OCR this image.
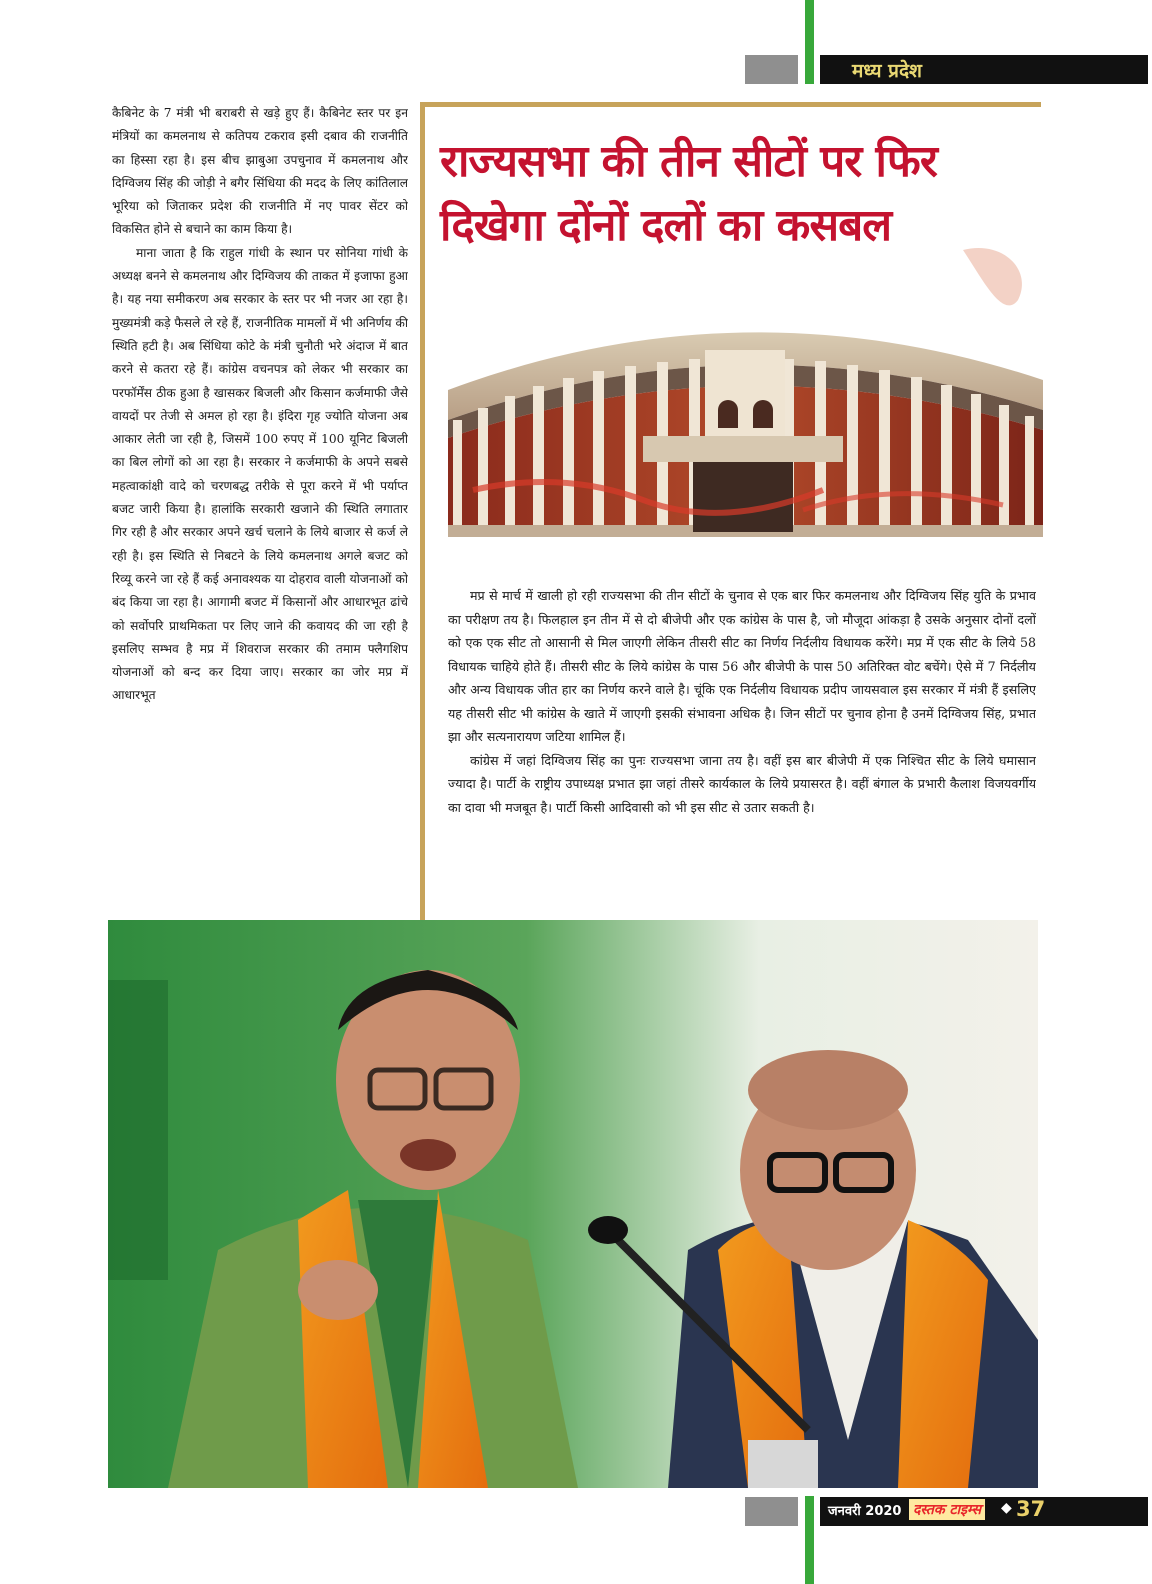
मध्य प्रदेश

कैबिनेट के 7 मंत्री भी बराबरी से खड़े हुए हैं। कैबिनेट स्तर पर इन मंत्रियों का कमलनाथ से कतिपय टकराव इसी दबाव की राजनीति का हिस्सा रहा है। इस बीच झाबुआ उपचुनाव में कमलनाथ और दिग्विजय सिंह की जोड़ी ने बगैर सिंधिया की मदद के लिए कांतिलाल भूरिया को जिताकर प्रदेश की राजनीति में नए पावर सेंटर को विकसित होने से बचाने का काम किया है।

माना जाता है कि राहुल गांधी के स्थान पर सोनिया गांधी के अध्यक्ष बनने से कमलनाथ और दिग्विजय की ताकत में इजाफा हुआ है। यह नया समीकरण अब सरकार के स्तर पर भी नजर आ रहा है। मुख्यमंत्री कड़े फैसले ले रहे हैं, राजनीतिक मामलों में भी अनिर्णय की स्थिति हटी है। अब सिंधिया कोटे के मंत्री चुनौती भरे अंदाज में बात करने से कतरा रहे हैं। कांग्रेस वचनपत्र को लेकर भी सरकार का परफॉर्मेंस ठीक हुआ है खासकर बिजली और किसान कर्जमाफी जैसे वायदों पर तेजी से अमल हो रहा है। इंदिरा गृह ज्योति योजना अब आकार लेती जा रही है, जिसमें 100 रुपए में 100 यूनिट बिजली का बिल लोगों को आ रहा है। सरकार ने कर्जमाफी के अपने सबसे महत्वाकांक्षी वादे को चरणबद्ध तरीके से पूरा करने में भी पर्याप्त बजट जारी किया है। हालांकि सरकारी खजाने की स्थिति लगातार गिर रही है और सरकार अपने खर्च चलाने के लिये बाजार से कर्ज ले रही है। इस स्थिति से निबटने के लिये कमलनाथ अगले बजट को रिव्यू करने जा रहे हैं कई अनावश्यक या दोहराव वाली योजनाओं को बंद किया जा रहा है। आगामी बजट में किसानों और आधारभूत ढांचे को सर्वोपरि प्राथमिकता पर लिए जाने की कवायद की जा रही है इसलिए सम्भव है मप्र में शिवराज सरकार की तमाम फ्लैगशिप योजनाओं को बन्द कर दिया जाए। सरकार का जोर मप्र में आधारभूत

राज्यसभा की तीन सीटों पर फिर
दिखेगा दोंनों दलों का कसबल

मप्र से मार्च में खाली हो रही राज्यसभा की तीन सीटों के चुनाव से एक बार फिर कमलनाथ और दिग्विजय सिंह युति के प्रभाव का परीक्षण तय है। फिलहाल इन तीन में से दो बीजेपी और एक कांग्रेस के पास है, जो मौजूदा आंकड़ा है उसके अनुसार दोनों दलों को एक एक सीट तो आसानी से मिल जाएगी लेकिन तीसरी सीट का निर्णय निर्दलीय विधायक करेंगे। मप्र में एक सीट के लिये 58 विधायक चाहिये होते हैं। तीसरी सीट के लिये कांग्रेस के पास 56 और बीजेपी के पास 50 अतिरिक्त वोट बचेंगे। ऐसे में 7 निर्दलीय और अन्य विधायक जीत हार का निर्णय करने वाले है। चूंकि एक निर्दलीय विधायक प्रदीप जायसवाल इस सरकार में मंत्री हैं इसलिए यह तीसरी सीट भी कांग्रेस के खाते में जाएगी इसकी संभावना अधिक है। जिन सीटों पर चुनाव होना है उनमें दिग्विजय सिंह, प्रभात झा और सत्यनारायण जटिया शामिल हैं।

कांग्रेस में जहां दिग्विजय सिंह का पुनः राज्यसभा जाना तय है। वहीं इस बार बीजेपी में एक निश्चित सीट के लिये घमासान ज्यादा है। पार्टी के राष्ट्रीय उपाध्यक्ष प्रभात झा जहां तीसरे कार्यकाल के लिये प्रयासरत है। वहीं बंगाल के प्रभारी कैलाश विजयवर्गीय का दावा भी मजबूत है। पार्टी किसी आदिवासी को भी इस सीट से उतार सकती है।

जनवरी 2020 दस्तक टाइम्स ◆ 37
